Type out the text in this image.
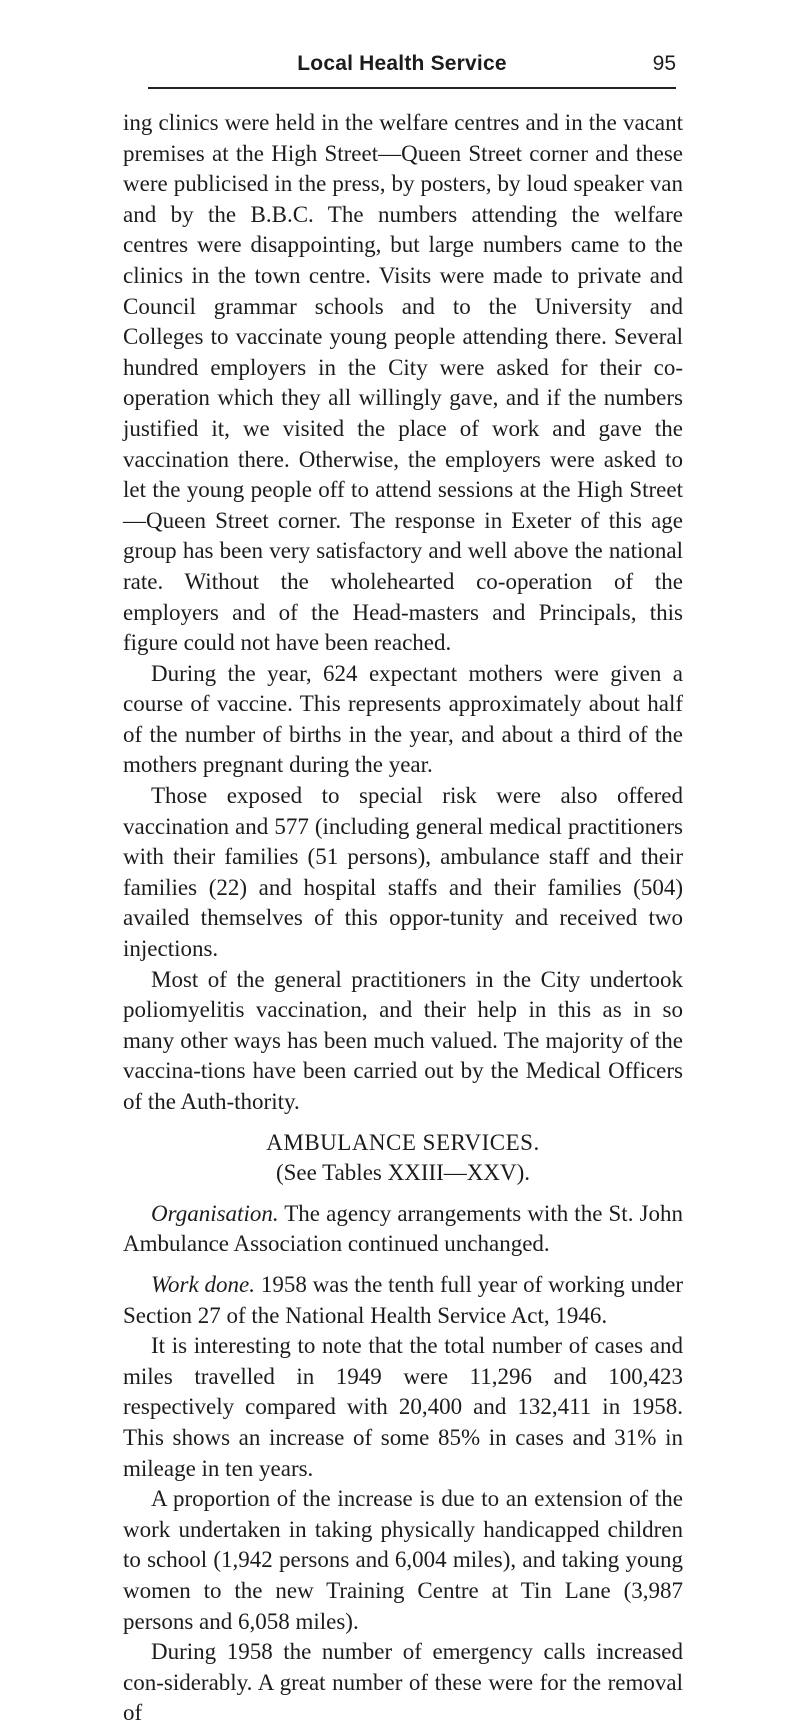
Local Health Service	95

ing clinics were held in the welfare centres and in the vacant premises at the High Street—Queen Street corner and these were publicised in the press, by posters, by loud speaker van and by the B.B.C. The numbers attending the welfare centres were disappointing, but large numbers came to the clinics in the town centre. Visits were made to private and Council grammar schools and to the University and Colleges to vaccinate young people attending there. Several hundred employers in the City were asked for their co-operation which they all willingly gave, and if the numbers justified it, we visited the place of work and gave the vaccination there. Otherwise, the employers were asked to let the young people off to attend sessions at the High Street—Queen Street corner. The response in Exeter of this age group has been very satisfactory and well above the national rate. Without the wholehearted co-operation of the employers and of the Head-masters and Principals, this figure could not have been reached.

During the year, 624 expectant mothers were given a course of vaccine. This represents approximately about half of the number of births in the year, and about a third of the mothers pregnant during the year.

Those exposed to special risk were also offered vaccination and 577 (including general medical practitioners with their families (51 persons), ambulance staff and their families (22) and hospital staffs and their families (504) availed themselves of this oppor-tunity and received two injections.

Most of the general practitioners in the City undertook poliomyelitis vaccination, and their help in this as in so many other ways has been much valued. The majority of the vaccina-tions have been carried out by the Medical Officers of the Auth-thority.

AMBULANCE SERVICES.

(See Tables XXIII—XXV).

Organisation. The agency arrangements with the St. John Ambulance Association continued unchanged.

Work done. 1958 was the tenth full year of working under Section 27 of the National Health Service Act, 1946.

It is interesting to note that the total number of cases and miles travelled in 1949 were 11,296 and 100,423 respectively compared with 20,400 and 132,411 in 1958. This shows an increase of some 85% in cases and 31% in mileage in ten years.

A proportion of the increase is due to an extension of the work undertaken in taking physically handicapped children to school (1,942 persons and 6,004 miles), and taking young women to the new Training Centre at Tin Lane (3,987 persons and 6,058 miles).

During 1958 the number of emergency calls increased con-siderably. A great number of these were for the removal of
